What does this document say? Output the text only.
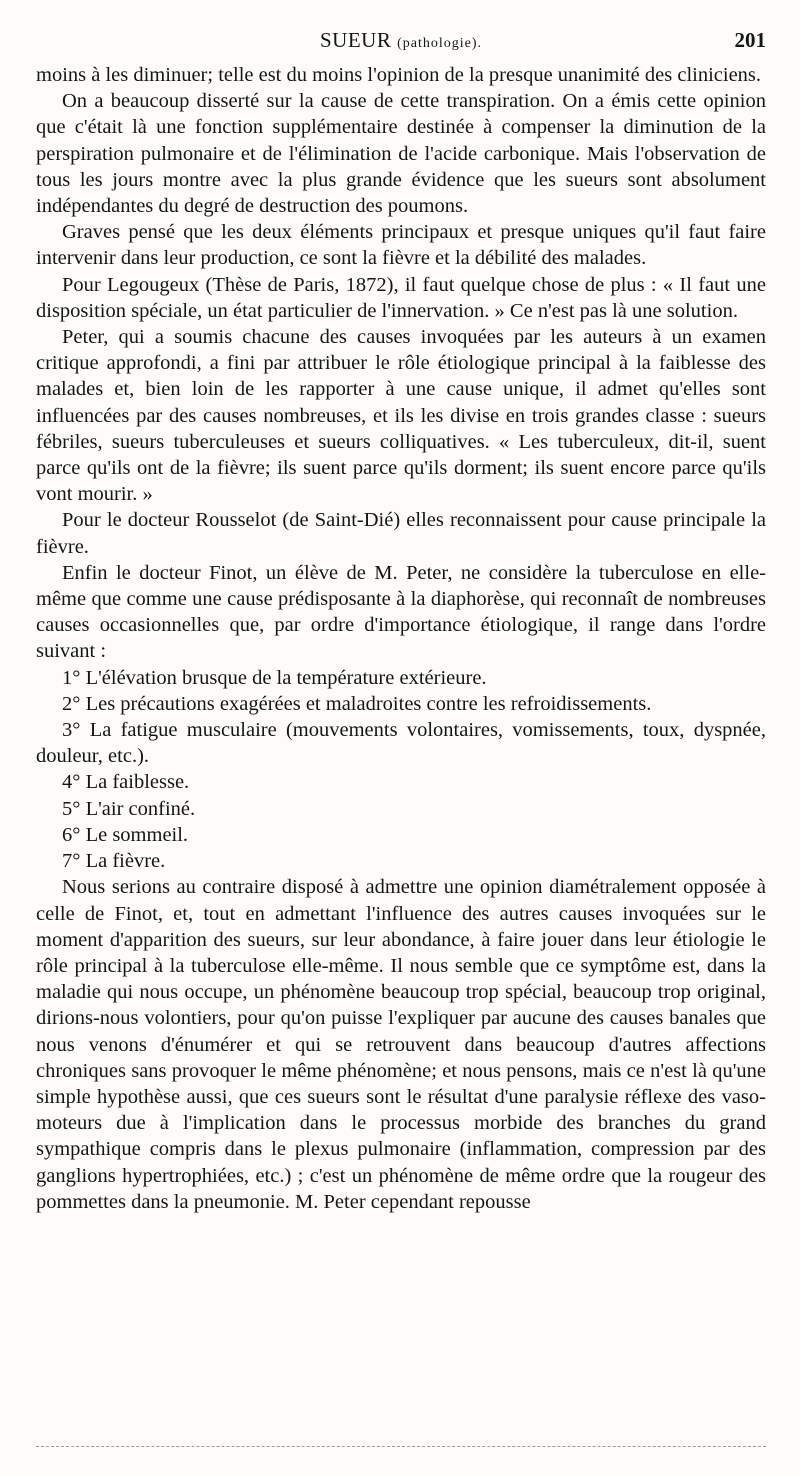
SUEUR (pathologie).	201

moins à les diminuer; telle est du moins l'opinion de la presque unanimité des cliniciens.

On a beaucoup disserté sur la cause de cette transpiration. On a émis cette opinion que c'était là une fonction supplémentaire destinée à compenser la diminution de la perspiration pulmonaire et de l'élimination de l'acide carbonique. Mais l'observation de tous les jours montre avec la plus grande évidence que les sueurs sont absolument indépendantes du degré de destruction des poumons.

Graves pensé que les deux éléments principaux et presque uniques qu'il faut faire intervenir dans leur production, ce sont la fièvre et la débilité des malades.

Pour Legougeux (Thèse de Paris, 1872), il faut quelque chose de plus : « Il faut une disposition spéciale, un état particulier de l'innervation. » Ce n'est pas là une solution.

Peter, qui a soumis chacune des causes invoquées par les auteurs à un examen critique approfondi, a fini par attribuer le rôle étiologique principal à la faiblesse des malades et, bien loin de les rapporter à une cause unique, il admet qu'elles sont influencées par des causes nombreuses, et ils les divise en trois grandes classe : sueurs fébriles, sueurs tuberculeuses et sueurs colliquatives. « Les tuberculeux, dit-il, suent parce qu'ils ont de la fièvre; ils suent parce qu'ils dorment; ils suent encore parce qu'ils vont mourir. »

Pour le docteur Rousselot (de Saint-Dié) elles reconnaissent pour cause principale la fièvre.

Enfin le docteur Finot, un élève de M. Peter, ne considère la tuberculose en elle-même que comme une cause prédisposante à la diaphorèse, qui reconnaît de nombreuses causes occasionnelles que, par ordre d'importance étiologique, il range dans l'ordre suivant :

1° L'élévation brusque de la température extérieure.

2° Les précautions exagérées et maladroites contre les refroidissements.

3° La fatigue musculaire (mouvements volontaires, vomissements, toux, dyspnée, douleur, etc.).

4° La faiblesse.

5° L'air confiné.

6° Le sommeil.

7° La fièvre.

Nous serions au contraire disposé à admettre une opinion diamétralement opposée à celle de Finot, et, tout en admettant l'influence des autres causes invoquées sur le moment d'apparition des sueurs, sur leur abondance, à faire jouer dans leur étiologie le rôle principal à la tuberculose elle-même. Il nous semble que ce symptôme est, dans la maladie qui nous occupe, un phénomène beaucoup trop spécial, beaucoup trop original, dirions-nous volontiers, pour qu'on puisse l'expliquer par aucune des causes banales que nous venons d'énumérer et qui se retrouvent dans beaucoup d'autres affections chroniques sans provoquer le même phénomène; et nous pensons, mais ce n'est là qu'une simple hypothèse aussi, que ces sueurs sont le résultat d'une paralysie réflexe des vaso-moteurs due à l'implication dans le processus morbide des branches du grand sympathique compris dans le plexus pulmonaire (inflammation, compression par des ganglions hypertrophiées, etc.) ; c'est un phénomène de même ordre que la rougeur des pommettes dans la pneumonie. M. Peter cependant repousse
